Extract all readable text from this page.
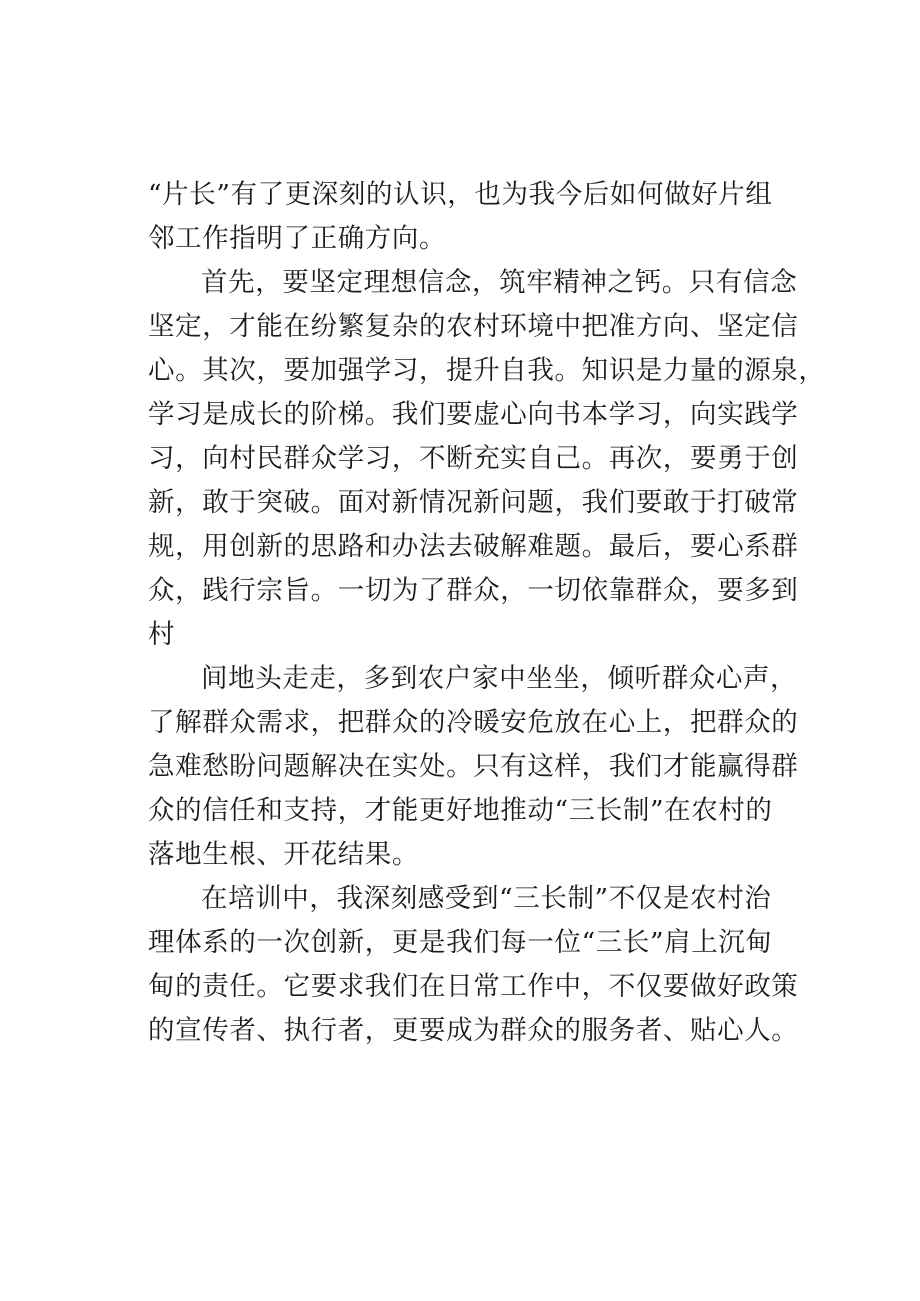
“片长”有了更深刻的认识，也为我今后如何做好片组
邻工作指明了正确方向。

首先，要坚定理想信念，筑牢精神之钙。只有信念
坚定，才能在纷繁复杂的农村环境中把准方向、坚定信
心。其次，要加强学习，提升自我。知识是力量的源泉，
学习是成长的阶梯。我们要虚心向书本学习，向实践学
习，向村民群众学习，不断充实自己。再次，要勇于创
新，敢于突破。面对新情况新问题，我们要敢于打破常
规，用创新的思路和办法去破解难题。最后，要心系群
众，践行宗旨。一切为了群众，一切依靠群众，要多到
村

间地头走走，多到农户家中坐坐，倾听群众心声，
了解群众需求，把群众的冷暖安危放在心上，把群众的
急难愁盼问题解决在实处。只有这样，我们才能赢得群
众的信任和支持，才能更好地推动“三长制”在农村的
落地生根、开花结果。

在培训中，我深刻感受到“三长制”不仅是农村治
理体系的一次创新，更是我们每一位“三长”肩上沉甸
甸的责任。它要求我们在日常工作中，不仅要做好政策
的宣传者、执行者，更要成为群众的服务者、贴心人。
